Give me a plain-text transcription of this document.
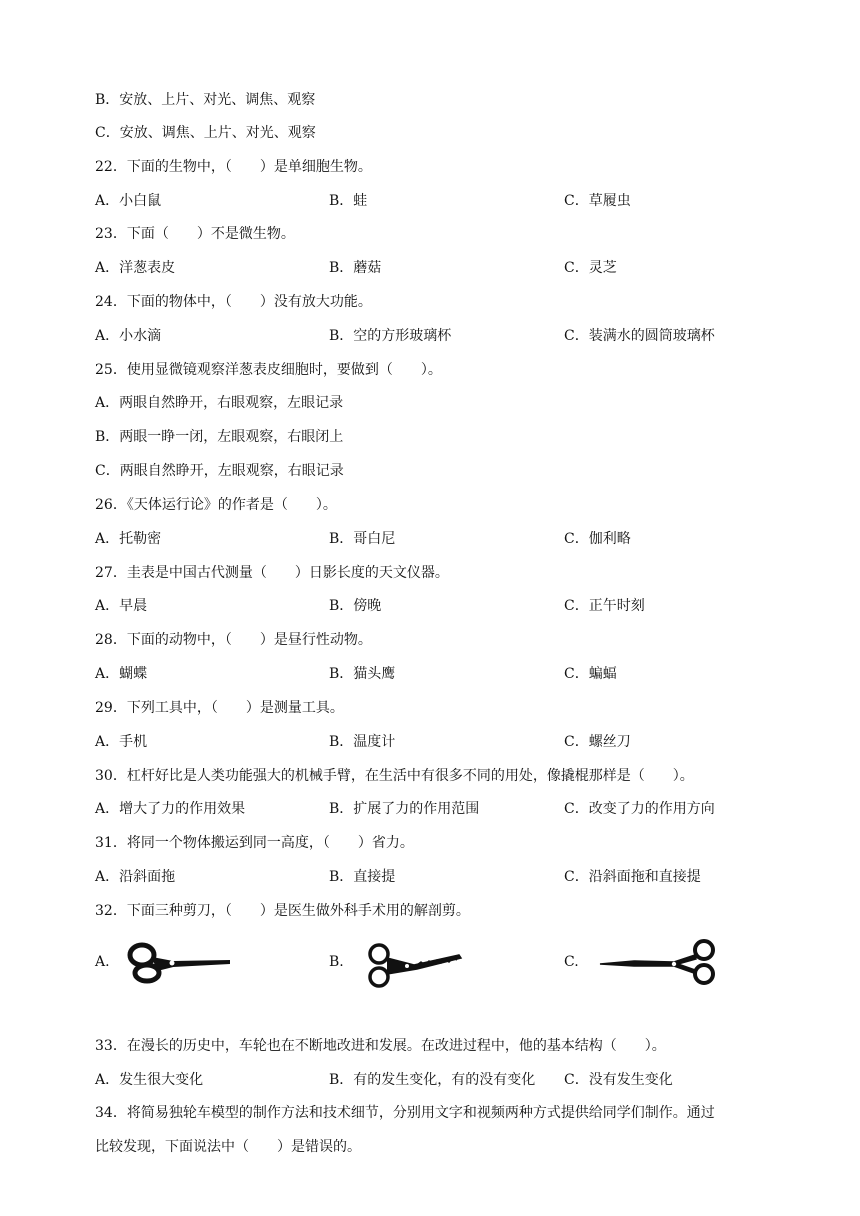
B．安放、上片、对光、调焦、观察
C．安放、调焦、上片、对光、观察
22．下面的生物中，（　　）是单细胞生物。
A．小白鼠	B．蛙	C．草履虫
23．下面（　　）不是微生物。
A．洋葱表皮	B．蘑菇	C．灵芝
24．下面的物体中，（　　）没有放大功能。
A．小水滴	B．空的方形玻璃杯	C．装满水的圆筒玻璃杯
25．使用显微镜观察洋葱表皮细胞时，要做到（　　）。
A．两眼自然睁开，右眼观察，左眼记录
B．两眼一睁一闭，左眼观察，右眼闭上
C．两眼自然睁开，左眼观察，右眼记录
26．《天体运行论》的作者是（　　）。
A．托勒密	B．哥白尼	C．伽利略
27．圭表是中国古代测量（　　）日影长度的天文仪器。
A．早晨	B．傍晚	C．正午时刻
28．下面的动物中，（　　）是昼行性动物。
A．蝴蝶	B．猫头鹰	C．蝙蝠
29．下列工具中，（　　）是测量工具。
A．手机	B．温度计	C．螺丝刀
30．杠杆好比是人类功能强大的机械手臂，在生活中有很多不同的用处，像撬棍那样是（　　）。
A．增大了力的作用效果	B．扩展了力的作用范围	C．改变了力的作用方向
31．将同一个物体搬运到同一高度，（　　）省力。
A．沿斜面拖	B．直接提	C．沿斜面拖和直接提
32．下面三种剪刀，（　　）是医生做外科手术用的解剖剪。
A.	B.	C.
33．在漫长的历史中，车轮也在不断地改进和发展。在改进过程中，他的基本结构（　　）。
A．发生很大变化	B．有的发生变化，有的没有变化 C．没有发生变化
34．将简易独轮车模型的制作方法和技术细节，分别用文字和视频两种方式提供给同学们制作。通过
比较发现，下面说法中（　　）是错误的。
